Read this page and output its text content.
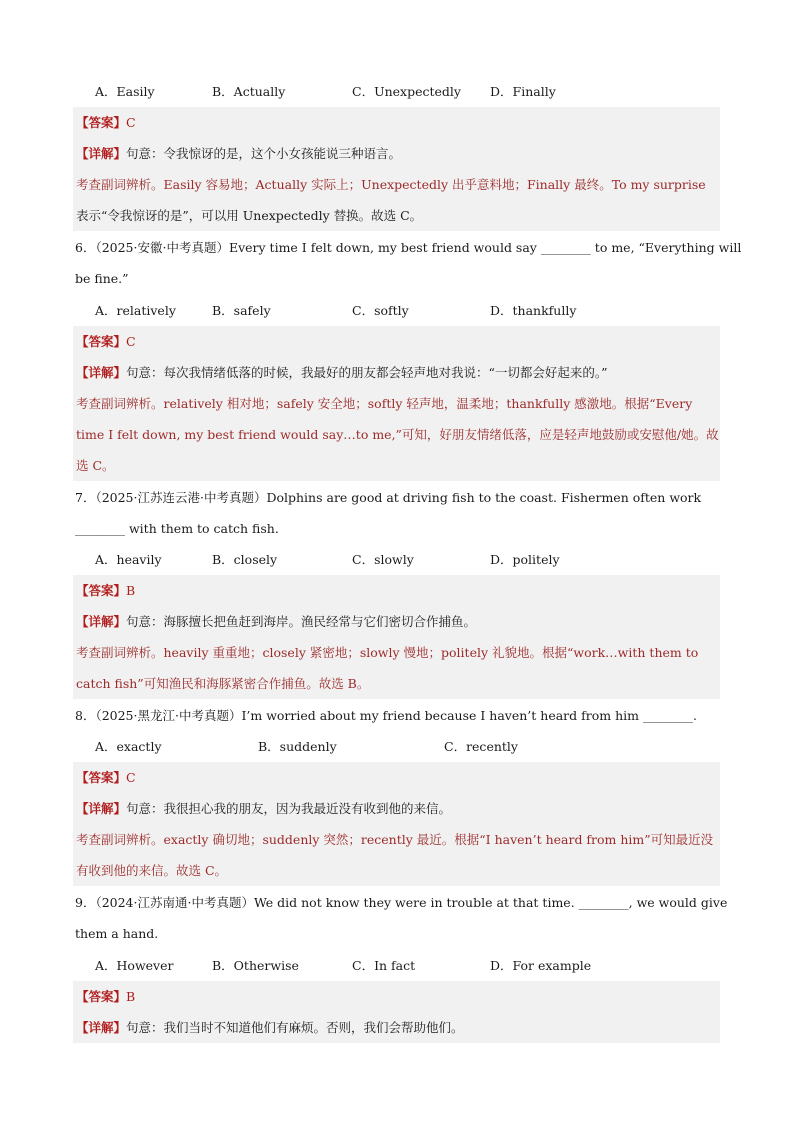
A．Easily	B．Actually	C．Unexpectedly D．Finally
【答案】C
【详解】句意：令我惊讶的是，这个小女孩能说三种语言。
考查副词辨析。Easily 容易地；Actually 实际上；Unexpectedly 出乎意料地；Finally 最终。To my surprise
表示“令我惊讶的是”，可以用 Unexpectedly 替换。故选 C。
6．（2025·安徽·中考真题）Every time I felt down, my best friend would say ________ to me, “Everything will
be fine.”
A．relatively	B．safely	C．softly	D．thankfully
【答案】C
【详解】句意：每次我情绪低落的时候，我最好的朋友都会轻声地对我说：“一切都会好起来的。”
考查副词辨析。relatively 相对地；safely 安全地；softly 轻声地，温柔地；thankfully 感激地。根据“Every
time I felt down, my best friend would say…to me,”可知，好朋友情绪低落，应是轻声地鼓励或安慰他/她。故
选 C。
7．（2025·江苏连云港·中考真题）Dolphins are good at driving fish to the coast. Fishermen often work
________ with them to catch fish.
A．heavily	B．closely	C．slowly	D．politely
【答案】B
【详解】句意：海豚擅长把鱼赶到海岸。渔民经常与它们密切合作捕鱼。
考查副词辨析。heavily 重重地；closely 紧密地；slowly 慢地；politely 礼貌地。根据“work…with them to
catch fish”可知渔民和海豚紧密合作捕鱼。故选 B。
8．（2025·黑龙江·中考真题）I’m worried about my friend because I haven’t heard from him ________.
A．exactly	B．suddenly	C．recently
【答案】C
【详解】句意：我很担心我的朋友，因为我最近没有收到他的来信。
考查副词辨析。exactly 确切地；suddenly 突然；recently 最近。根据“I haven’t heard from him”可知最近没
有收到他的来信。故选 C。
9．（2024·江苏南通·中考真题）We did not know they were in trouble at that time. ________, we would give
them a hand.
A．However	B．Otherwise	C．In fact	D．For example
【答案】B
【详解】句意：我们当时不知道他们有麻烦。否则，我们会帮助他们。
